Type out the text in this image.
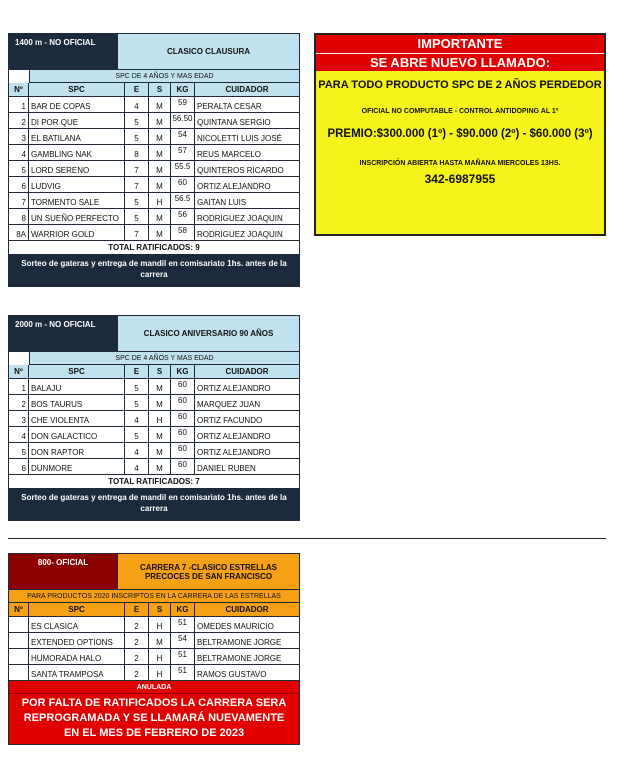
1400 m - NO OFICIAL
CLASICO CLAUSURA
SPC DE 4 AÑOS Y MAS EDAD
Nº	SPC	E	S	KG	CUIDADOR
1 BAR DE COPAS	4	M	59	PERALTA CESAR
2 DI POR QUE	5	M	56.50 QUINTANA SERGIO
3 EL BATILANA	5	M	54	NICOLETTI LUIS JOSÉ
4 GAMBLING NAK	8	M	57	REUS MARCELO
5 LORD SERENO	7	M	55.5 QUINTEROS RICARDO
6 LUDVIG	7	M	60	ORTIZ ALEJANDRO
7 TORMENTO SALE	5	H	56.5 GAITAN LUIS
8 UN SUEÑO PERFECTO	5	M	56	RODRIGUEZ JOAQUIN
8A WARRIOR GOLD	7	M	58	RODRIGUEZ JOAQUIN
TOTAL RATIFICADOS: 9
Sorteo de gateras y entrega de mandil en comisariato 1hs. antes de la carrera
IMPORTANTE
SE ABRE NUEVO LLAMADO:

PARA TODO PRODUCTO SPC DE 2 AÑOS PERDEDOR

OFICIAL NO COMPUTABLE - CONTROL ANTIDOPING AL 1º

PREMIO:$300.000 (1º) - $90.000 (2º) - $60.000 (3º)

INSCRIPCIÓN ABIERTA HASTA MAÑANA MIERCOLES 13HS.

342-6987955

2000 m - NO OFICIAL
CLASICO ANIVERSARIO 90 AÑOS
SPC DE 4 AÑOS Y MAS EDAD
Nº	SPC	E	S	KG	CUIDADOR
1 BALAJU	5	M	60	ORTIZ ALEJANDRO
2 BOS TAURUS	5	M	60	MARQUEZ JUAN
3 CHE VIOLENTA	4	H	60	ORTIZ FACUNDO
4 DON GALACTICO	5	M	60	ORTIZ ALEJANDRO
5 DON RAPTOR	4	M	60	ORTIZ ALEJANDRO
6 DUNMORE	4	M	60	DANIEL RUBEN
TOTAL RATIFICADOS: 7
Sorteo de gateras y entrega de mandil en comisariato 1hs. antes de la carrera
800- OFICIAL	CARRERA 7 -CLASICO ESTRELLAS PRECOCES DE SAN FRANCISCO
PARA PRODUCTOS 2020 INSCRIPTOS EN LA CARRERA DE LAS ESTRELLAS
Nº	SPC	E	S	KG	CUIDADOR
ES CLASICA	2	H	51	OMEDES MAURICIO
EXTENDED OPTIONS	2	M	54	BELTRAMONE JORGE
HUMORADA HALO	2	H	51	BELTRAMONE JORGE
SANTA TRAMPOSA	2	H	51	RAMOS GUSTAVO
ANULADA
POR FALTA DE RATIFICADOS LA CARRERA SERA REPROGRAMADA Y SE LLAMARÁ NUEVAMENTE EN EL MES DE FEBRERO DE 2023
